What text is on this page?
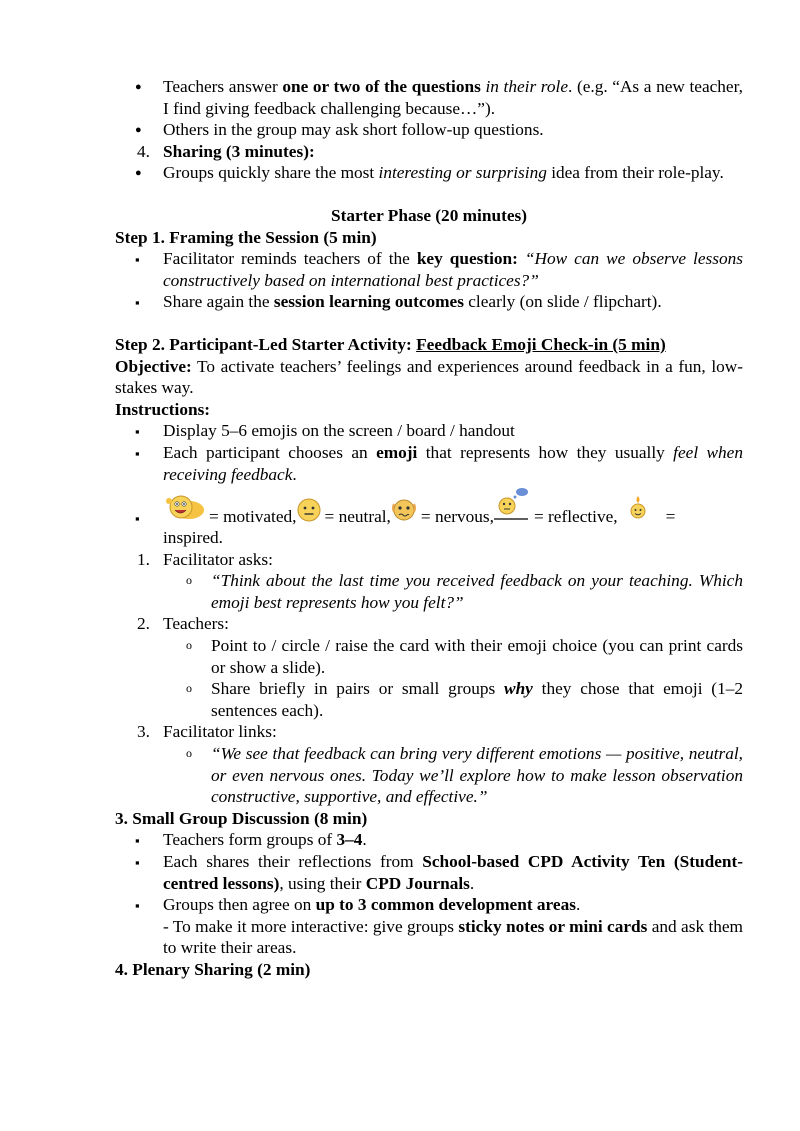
●
Teachers answer one or two of the questions in their role. (e.g. “As a new teacher, I find giving feedback challenging because…”).
●
Others in the group may ask short follow-up questions.
4. Sharing (3 minutes):
●
Groups quickly share the most interesting or surprising idea from their role-play.

Starter Phase (20 minutes)

Step 1. Framing the Session (5 min)

▪
Facilitator reminds teachers of the key question: “How can we observe lessons constructively based on international best practices?”
▪
Share again the session learning outcomes clearly (on slide / flipchart).

Step 2. Participant-Led Starter Activity: Feedback Emoji Check-in (5 min)

Objective: To activate teachers’ feelings and experiences around feedback in a fun, low-stakes way.

Instructions:

▪
Display 5–6 emojis on the screen / board / handout
▪
Each participant chooses an emoji that represents how they usually feel when receiving feedback.
▪
= motivated, = neutral, = nervous, = reflective,	=
inspired.
1. Facilitator asks:
o “Think about the last time you received feedback on your teaching. Which emoji best represents how you felt?”
2. Teachers:
o Point to / circle / raise the card with their emoji choice (you can print cards or show a slide).
o Share briefly in pairs or small groups why they chose that emoji (1–2 sentences each).
3. Facilitator links:
o “We see that feedback can bring very different emotions — positive, neutral, or even nervous ones. Today we’ll explore how to make lesson observation constructive, supportive, and effective.”

3. Small Group Discussion (8 min)

▪
Teachers form groups of 3–4.
▪
Each shares their reflections from School-based CPD Activity Ten (Student-centred lessons), using their CPD Journals.
▪
Groups then agree on up to 3 common development areas.
- To make it more interactive: give groups sticky notes or mini cards and ask them to write their areas.

4. Plenary Sharing (2 min)
